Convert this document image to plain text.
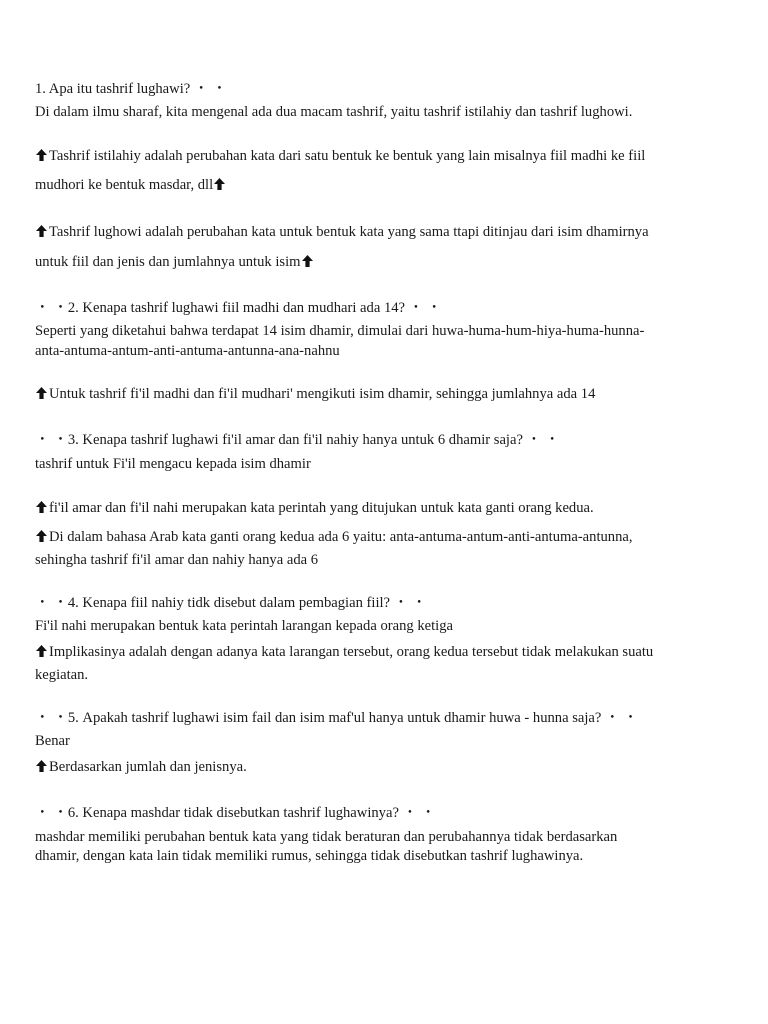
1. Apa itu tashrif lughawi? ・ ・
Di dalam ilmu sharaf, kita mengenal ada dua macam tashrif, yaitu tashrif istilahiy dan tashrif lughowi.
Tashrif istilahiy adalah perubahan kata dari satu bentuk ke bentuk yang lain misalnya fiil madhi ke fiil
mudhori ke bentuk masdar, dll
Tashrif lughowi adalah perubahan kata untuk bentuk kata yang sama ttapi ditinjau dari isim dhamirnya
untuk fiil dan jenis dan jumlahnya untuk isim
・ ・2. Kenapa tashrif lughawi fiil madhi dan mudhari ada 14? ・ ・
Seperti yang diketahui bahwa terdapat 14 isim dhamir, dimulai dari huwa-huma-hum-hiya-huma-hunna-
anta-antuma-antum-anti-antuma-antunna-ana-nahnu
Untuk tashrif fi'il madhi dan fi'il mudhari' mengikuti isim dhamir, sehingga jumlahnya ada 14
・ ・3. Kenapa tashrif lughawi fi'il amar dan fi'il nahiy hanya untuk 6 dhamir saja? ・ ・
tashrif untuk Fi'il mengacu kepada isim dhamir
fi'il amar dan fi'il nahi merupakan kata perintah yang ditujukan untuk kata ganti orang kedua.
Di dalam bahasa Arab kata ganti orang kedua ada 6 yaitu: anta-antuma-antum-anti-antuma-antunna,
sehingha tashrif fi'il amar dan nahiy hanya ada 6
・ ・4. Kenapa fiil nahiy tidk disebut dalam pembagian fiil? ・ ・
Fi'il nahi merupakan bentuk kata perintah larangan kepada orang ketiga
Implikasinya adalah dengan adanya kata larangan tersebut, orang kedua tersebut tidak melakukan suatu
kegiatan.
・ ・5. Apakah tashrif lughawi isim fail dan isim maf'ul hanya untuk dhamir huwa - hunna saja? ・ ・
Benar
Berdasarkan jumlah dan jenisnya.
・ ・6. Kenapa mashdar tidak disebutkan tashrif lughawinya? ・ ・
mashdar memiliki perubahan bentuk kata yang tidak beraturan dan perubahannya tidak berdasarkan
dhamir, dengan kata lain tidak memiliki rumus, sehingga tidak disebutkan tashrif lughawinya.
